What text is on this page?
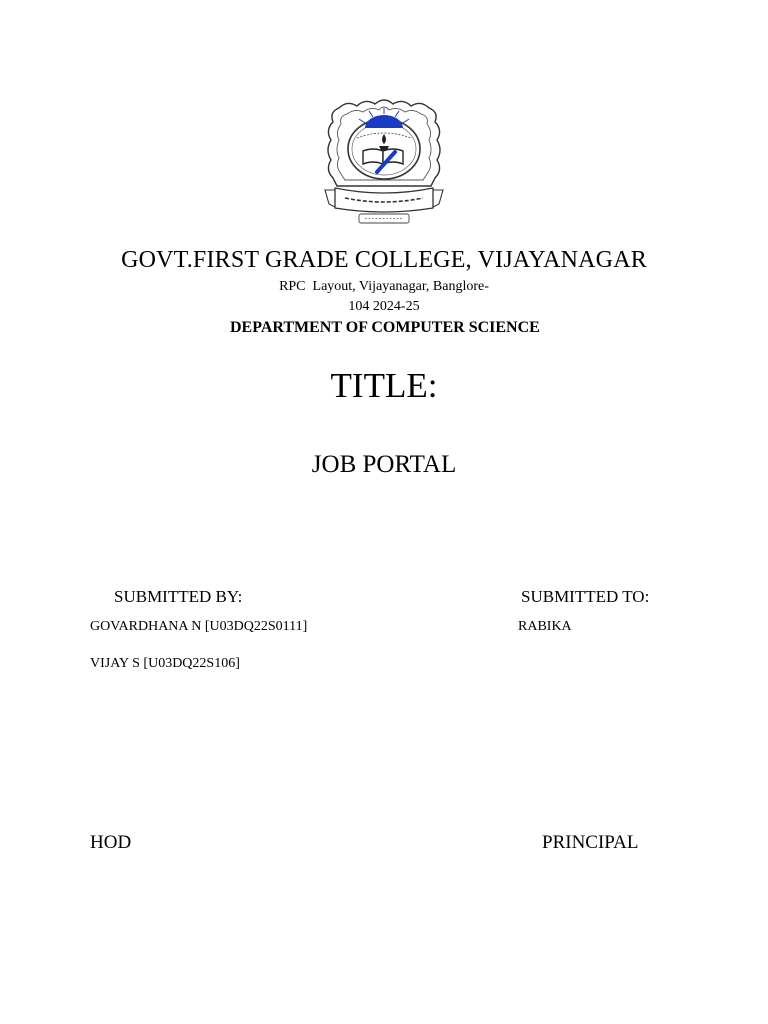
GOVT.FIRST GRADE COLLEGE, VIJAYANAGAR
RPC  Layout, Vijayanagar, Banglore-
104 2024-25
DEPARTMENT OF COMPUTER SCIENCE
TITLE:
JOB PORTAL
SUBMITTED BY:	SUBMITTED TO:
GOVARDHANA N [U03DQ22S0111]	RABIKA
VIJAY S [U03DQ22S106]
HOD	PRINCIPAL
